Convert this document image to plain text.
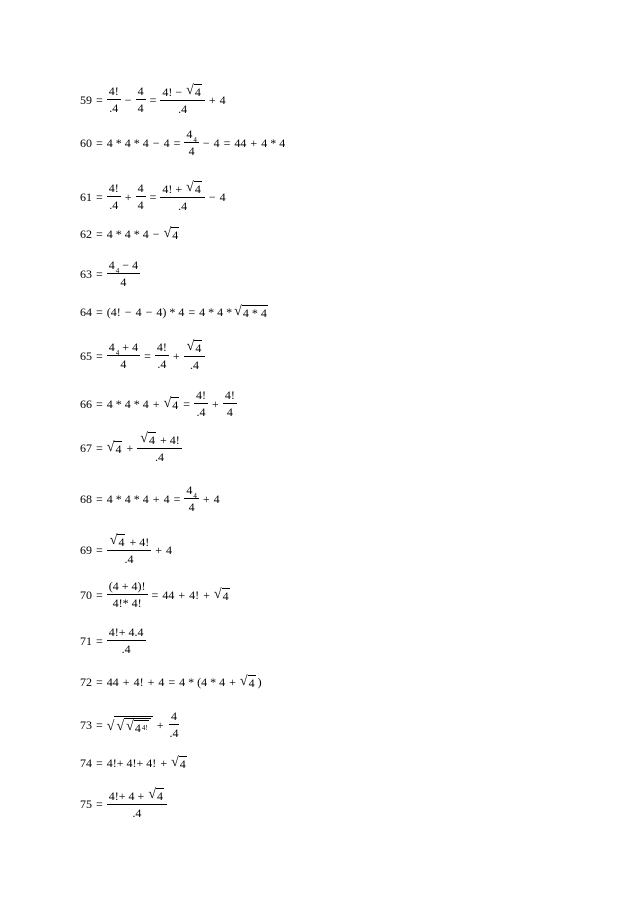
$59 = \frac{4!}{.4} - \frac{4}{4} = \frac{4! - √ 4}{.4} + 4$
$60 = 4 * 4 * 4 - 4 = \frac{4 4}{4} - 4 = 44 + 4 * 4$
$61 = \frac{4!}{.4} + \frac{4}{4} = \frac{4! + √ 4}{.4} - 4$
62 = 4 * 4 * 4 − √ 4
$63 = \frac{4 4 - 4}{4}$
64 = (4! − 4 − 4) * 4 = 4 * 4 * √ 4 * 4
$65 = \frac{4 4 + 4}{4} = \frac{4!}{.4} + \frac{√ 4}{.4}$
66 = 4 * 4 * 4 + √ $4 = \frac{4!}{.4} + \frac{4!}{4}$
67 = √ $4 + \frac{√ 4 + 4!}{.4}$
$68 = 4 * 4 * 4 + 4 = \frac{4 4}{4} + 4$
$69 = \frac{√ 4 + 4!}{.4} + 4$
$70 = \frac{(4 + 4)!}{4!* 4!} = 44 + 4$! + √ 4
$71 = \frac{4!+ 4.4}{.4}$
72 = 44 + 4! + 4 = 4 * (4 * 4 + √ 4 )
73 = √ √ √ 4 4! + $\frac{4}{.4}$
74 = 4!+ 4!+ 4! + √ 4
$75 = \frac{4!+ 4 + √ 4}{.4}$
